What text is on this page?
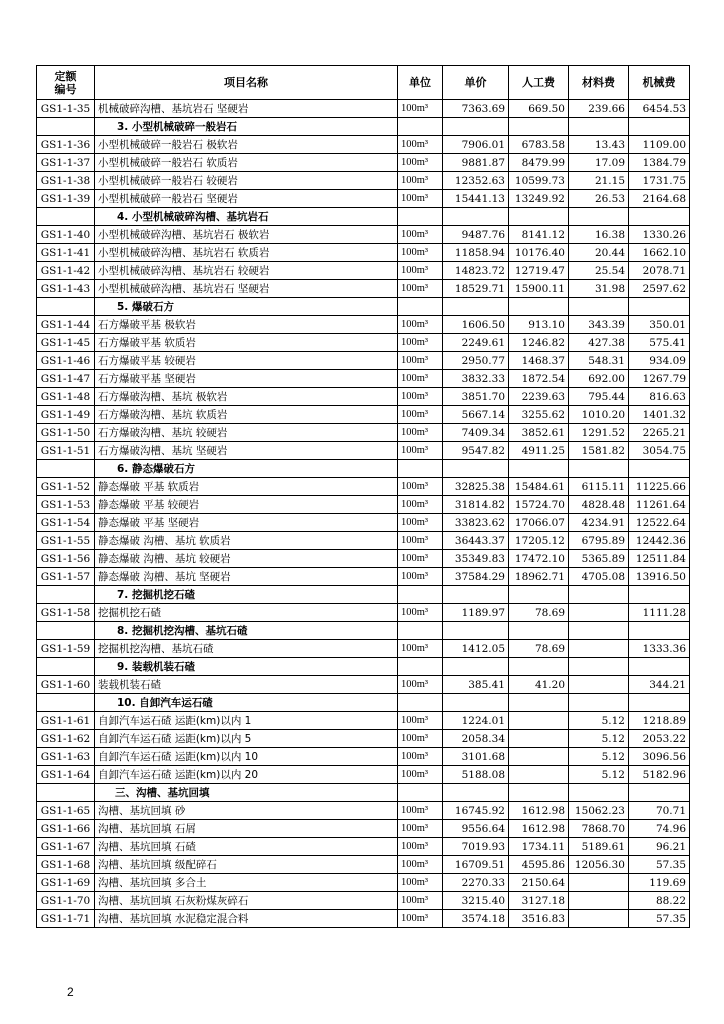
定额
编号	项目名称	单位	单价	人工费	材料费	机械费
GS1-1-35	机械破碎沟槽、基坑岩石 坚硬岩	100m³	7363.69	669.50	239.66	6454.53
	3. 小型机械破碎一般岩石					
GS1-1-36	小型机械破碎一般岩石 极软岩	100m³	7906.01	6783.58	13.43	1109.00
GS1-1-37	小型机械破碎一般岩石 软质岩	100m³	9881.87	8479.99	17.09	1384.79
GS1-1-38	小型机械破碎一般岩石 较硬岩	100m³	12352.63	10599.73	21.15	1731.75
GS1-1-39	小型机械破碎一般岩石 坚硬岩	100m³	15441.13	13249.92	26.53	2164.68
	4. 小型机械破碎沟槽、基坑岩石					
GS1-1-40	小型机械破碎沟槽、基坑岩石 极软岩	100m³	9487.76	8141.12	16.38	1330.26
GS1-1-41	小型机械破碎沟槽、基坑岩石 软质岩	100m³	11858.94	10176.40	20.44	1662.10
GS1-1-42	小型机械破碎沟槽、基坑岩石 较硬岩	100m³	14823.72	12719.47	25.54	2078.71
GS1-1-43	小型机械破碎沟槽、基坑岩石 坚硬岩	100m³	18529.71	15900.11	31.98	2597.62
	5. 爆破石方					
GS1-1-44	石方爆破平基 极软岩	100m³	1606.50	913.10	343.39	350.01
GS1-1-45	石方爆破平基 软质岩	100m³	2249.61	1246.82	427.38	575.41
GS1-1-46	石方爆破平基 较硬岩	100m³	2950.77	1468.37	548.31	934.09
GS1-1-47	石方爆破平基 坚硬岩	100m³	3832.33	1872.54	692.00	1267.79
GS1-1-48	石方爆破沟槽、基坑 极软岩	100m³	3851.70	2239.63	795.44	816.63
GS1-1-49	石方爆破沟槽、基坑 软质岩	100m³	5667.14	3255.62	1010.20	1401.32
GS1-1-50	石方爆破沟槽、基坑 较硬岩	100m³	7409.34	3852.61	1291.52	2265.21
GS1-1-51	石方爆破沟槽、基坑 坚硬岩	100m³	9547.82	4911.25	1581.82	3054.75
	6. 静态爆破石方					
GS1-1-52	静态爆破 平基 软质岩	100m³	32825.38	15484.61	6115.11	11225.66
GS1-1-53	静态爆破 平基 较硬岩	100m³	31814.82	15724.70	4828.48	11261.64
GS1-1-54	静态爆破 平基 坚硬岩	100m³	33823.62	17066.07	4234.91	12522.64
GS1-1-55	静态爆破 沟槽、基坑 软质岩	100m³	36443.37	17205.12	6795.89	12442.36
GS1-1-56	静态爆破 沟槽、基坑 较硬岩	100m³	35349.83	17472.10	5365.89	12511.84
GS1-1-57	静态爆破 沟槽、基坑 坚硬岩	100m³	37584.29	18962.71	4705.08	13916.50
	7. 挖掘机挖石碴					
GS1-1-58	挖掘机挖石碴	100m³	1189.97	78.69		1111.28
	8. 挖掘机挖沟槽、基坑石碴					
GS1-1-59	挖掘机挖沟槽、基坑石碴	100m³	1412.05	78.69		1333.36
	9. 装载机装石碴					
GS1-1-60	装载机装石碴	100m³	385.41	41.20		344.21
	10. 自卸汽车运石碴					
GS1-1-61	自卸汽车运石碴 运距(km)以内 1	100m³	1224.01		5.12	1218.89
GS1-1-62	自卸汽车运石碴 运距(km)以内 5	100m³	2058.34		5.12	2053.22
GS1-1-63	自卸汽车运石碴 运距(km)以内 10	100m³	3101.68		5.12	3096.56
GS1-1-64	自卸汽车运石碴 运距(km)以内 20	100m³	5188.08		5.12	5182.96
	三、沟槽、基坑回填					
GS1-1-65	沟槽、基坑回填 砂	100m³	16745.92	1612.98	15062.23	70.71
GS1-1-66	沟槽、基坑回填 石屑	100m³	9556.64	1612.98	7868.70	74.96
GS1-1-67	沟槽、基坑回填 石碴	100m³	7019.93	1734.11	5189.61	96.21
GS1-1-68	沟槽、基坑回填 级配碎石	100m³	16709.51	4595.86	12056.30	57.35
GS1-1-69	沟槽、基坑回填 多合土	100m³	2270.33	2150.64		119.69
GS1-1-70	沟槽、基坑回填 石灰粉煤灰碎石	100m³	3215.40	3127.18		88.22
GS1-1-71	沟槽、基坑回填 水泥稳定混合料	100m³	3574.18	3516.83		57.35
2
